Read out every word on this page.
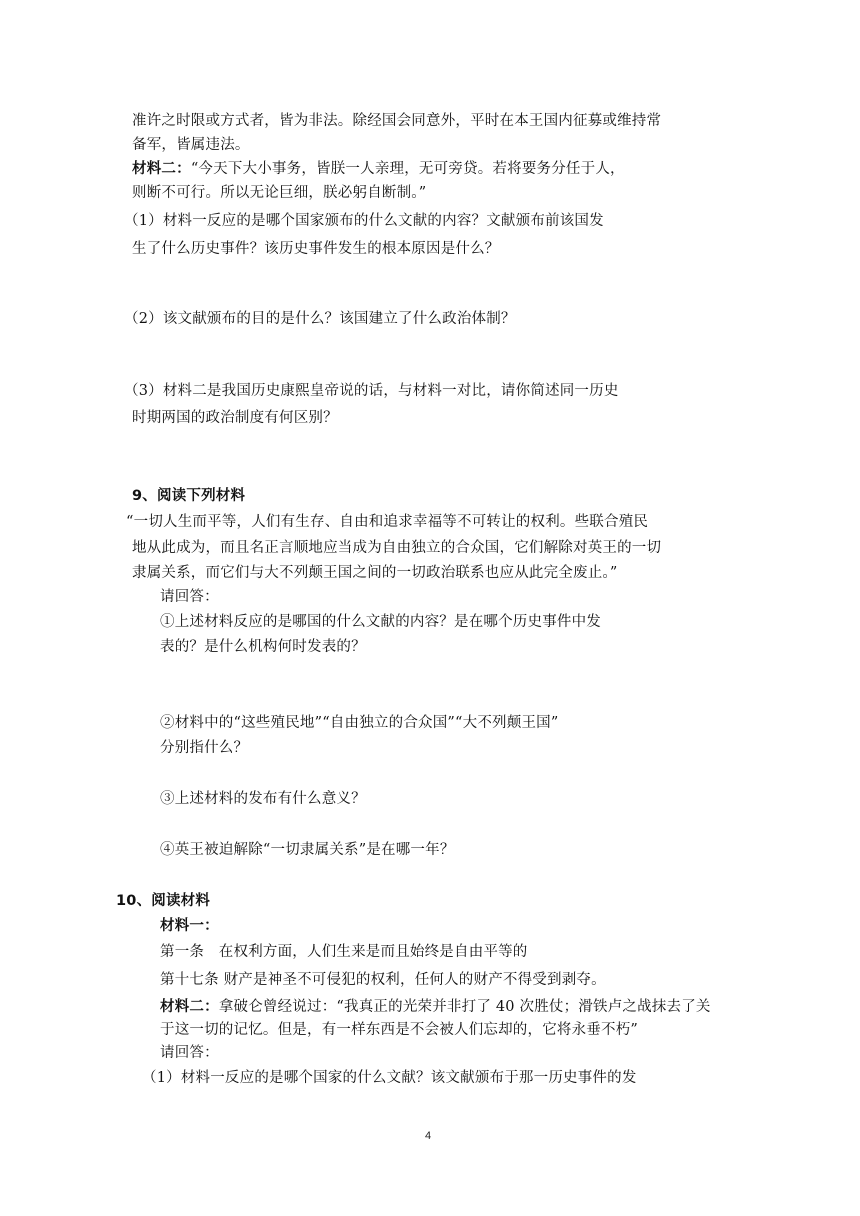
准许之时限或方式者，皆为非法。除经国会同意外，平时在本王国内征募或维持常
备军，皆属违法。
材料二：“今天下大小事务，皆朕一人亲理，无可旁贷。若将要务分任于人，
则断不可行。所以无论巨细，朕必躬自断制。”
（1）材料一反应的是哪个国家颁布的什么文献的内容？文献颁布前该国发
生了什么历史事件？该历史事件发生的根本原因是什么？
（2）该文献颁布的目的是什么？该国建立了什么政治体制？
（3）材料二是我国历史康熙皇帝说的话，与材料一对比，请你简述同一历史
时期两国的政治制度有何区别？
9、阅读下列材料
“一切人生而平等，人们有生存、自由和追求幸福等不可转让的权利。些联合殖民
地从此成为，而且名正言顺地应当成为自由独立的合众国，它们解除对英王的一切
隶属关系，而它们与大不列颠王国之间的一切政治联系也应从此完全废止。”
请回答：
①上述材料反应的是哪国的什么文献的内容？是在哪个历史事件中发
表的？是什么机构何时发表的？
②材料中的“这些殖民地”“自由独立的合众国”“大不列颠王国”
分别指什么？
③上述材料的发布有什么意义？
④英王被迫解除“一切隶属关系”是在哪一年？
10、阅读材料
材料一：
第一条　在权利方面，人们生来是而且始终是自由平等的
第十七条 财产是神圣不可侵犯的权利，任何人的财产不得受到剥夺。
材料二：拿破仑曾经说过：“我真正的光荣并非打了 40 次胜仗；滑铁卢之战抹去了关
于这一切的记忆。但是，有一样东西是不会被人们忘却的，它将永垂不朽”
请回答：
（1）材料一反应的是哪个国家的什么文献？该文献颁布于那一历史事件的发
4
